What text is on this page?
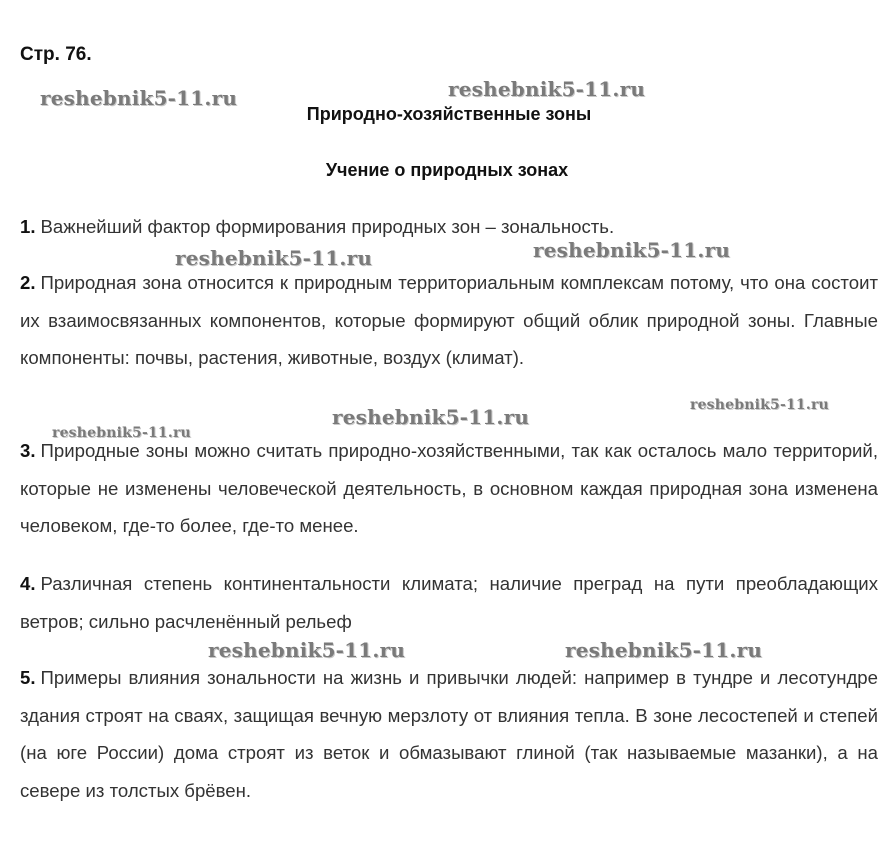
Стр. 76.
Природно-хозяйственные зоны
Учение о природных зонах
1. Важнейший фактор формирования природных зон – зональность.
2. Природная зона относится к природным территориальным комплексам потому, что она состоит их взаимосвязанных компонентов, которые формируют общий облик природной зоны. Главные компоненты: почвы, растения, животные, воздух (климат).
3. Природные зоны можно считать природно-хозяйственными, так как осталось мало территорий, которые не изменены человеческой деятельность, в основном каждая природная зона изменена человеком, где-то более, где-то менее.
4. Различная степень континентальности климата; наличие преград на пути преобладающих ветров; сильно расчленённый рельеф
5. Примеры влияния зональности на жизнь и привычки людей: например в тундре и лесотундре здания строят на сваях, защищая вечную мерзлоту от влияния тепла. В зоне лесостепей и степей (на юге России) дома строят из веток и обмазывают глиной (так называемые мазанки), а на севере из толстых брёвен.
reshebnik5-11.ru	reshebnik5-11.ru
reshebnik5-11.ru	reshebnik5-11.ru
reshebnik5-11.ru	reshebnik5-11.ru
reshebnik5-11.ru
reshebnik5-11.ru	reshebnik5-11.ru
